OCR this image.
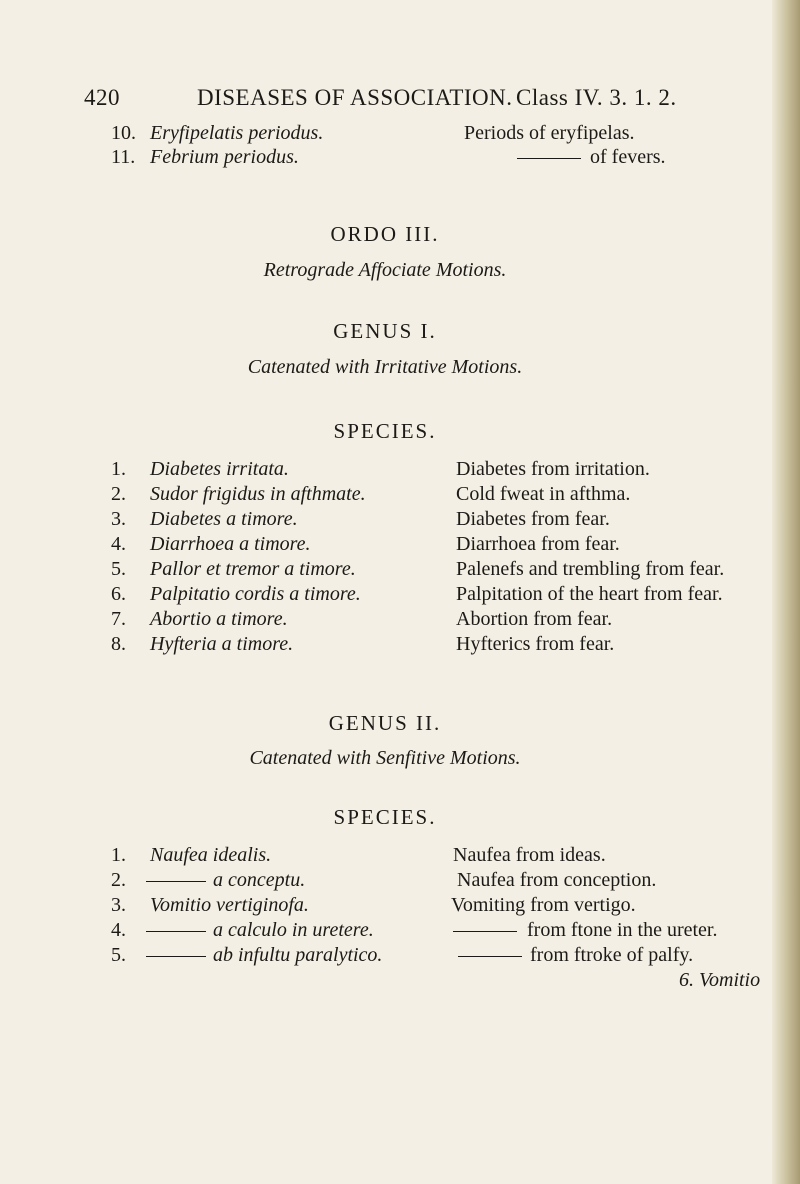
420	DISEASES OF ASSOCIATION. Class IV. 3. 1. 2.
10. Eryfipelatis periodus.	Periods of eryfipelas.
11. Febrium periodus.	of fevers.
ORDO III.
Retrograde Affociate Motions.
GENUS I.
Catenated with Irritative Motions.
SPECIES.
1. Diabetes irritata.	Diabetes from irritation.
2. Sudor frigidus in afthmate.	Cold fweat in afthma.
3. Diabetes a timore.	Diabetes from fear.
4. Diarrhoea a timore.	Diarrhoea from fear.
5. Pallor et tremor a timore.	Palenefs and trembling from fear.
6. Palpitatio cordis a timore.	Palpitation of the heart from fear.
7. Abortio a timore.	Abortion from fear.
8. Hyfteria a timore.	Hyfterics from fear.
GENUS II.
Catenated with Senfitive Motions.
SPECIES.
1. Naufea idealis.	Naufea from ideas.
2.	a conceptu.	Naufea from conception.
3. Vomitio vertiginofa.	Vomiting from vertigo.
4.	a calculo in uretere.	from ftone in the ureter.
5.	ab infultu paralytico.	from ftroke of palfy.
6. Vomitio
